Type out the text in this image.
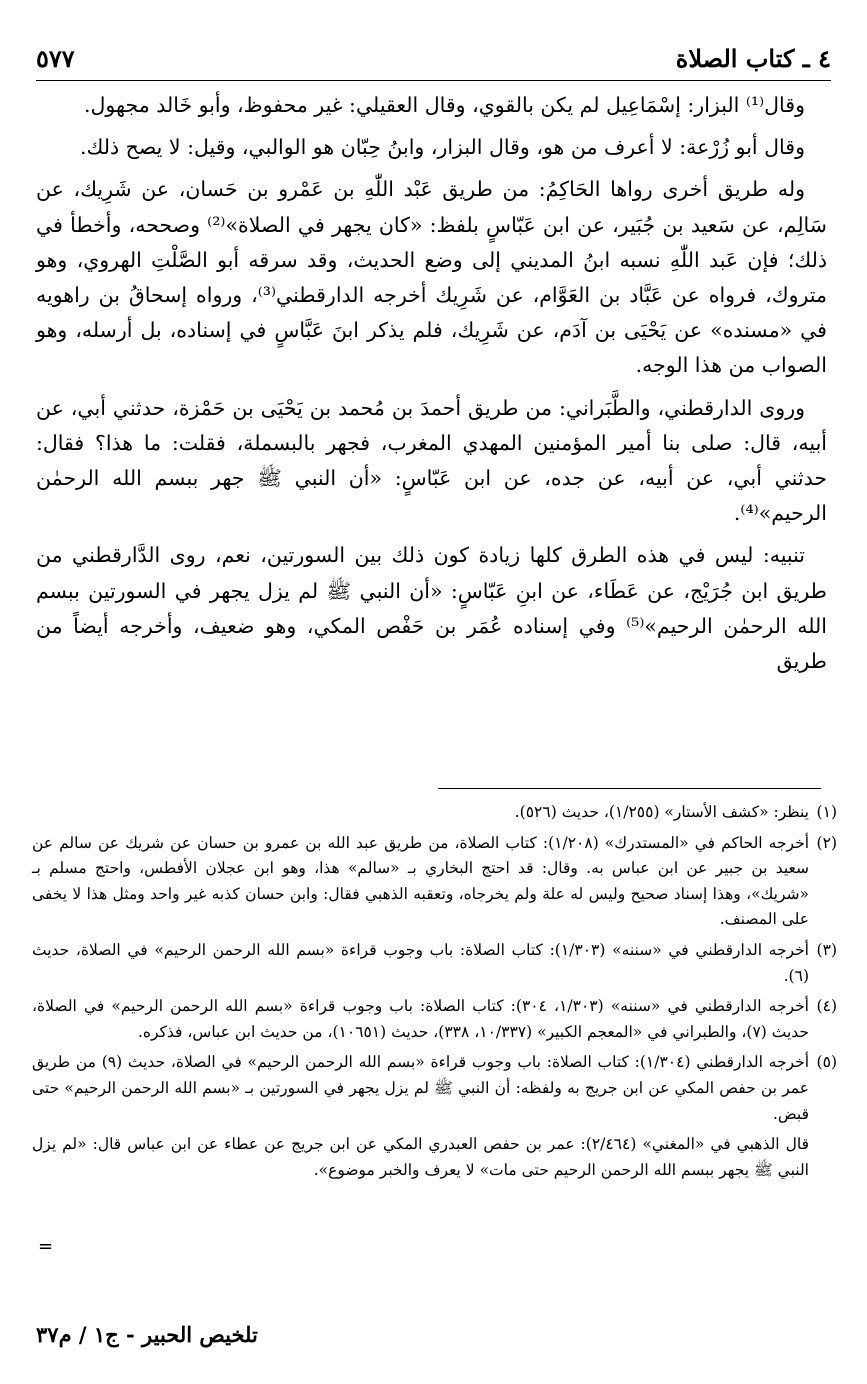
٤ ـ كتاب الصلاة
٥٧٧

وقال⁽¹⁾ البزار: إسْمَاعِيل لم يكن بالقوي، وقال العقيلي: غير محفوظ، وأبو خَالد مجهول.

وقال أبو زُرْعة: لا أعرف من هو، وقال البزار، وابنُ حِبّان هو الوالبي، وقيل: لا يصح ذلك.

وله طريق أخرى رواها الحَاكِمُ: من طريق عَبْد اللّٰهِ بن عَمْرو بن حَسان، عن شَرِيك، عن سَالِم، عن سَعيد بن جُبَير، عن ابن عَبّاسٍ بلفظ: «كان يجهر في الصلاة»⁽²⁾ وصححه، وأخطأ في ذلك؛ فإن عَبد اللّٰهِ نسبه ابنُ المديني إلى وضع الحديث، وقد سرقه أبو الصَّلْتِ الهروي، وهو متروك، فرواه عن عَبَّاد بن العَوَّام، عن شَرِيك أخرجه الدارقطني⁽³⁾، ورواه إسحاقُ بن راهويه في «مسنده» عن يَحْيَى بن آدَم، عن شَرِيك، فلم يذكر ابنَ عَبَّاسٍ في إسناده، بل أرسله، وهو الصواب من هذا الوجه.

وروى الدارقطني، والطَّبَراني: من طريق أحمدَ بن مُحمد بن يَحْيَى بن حَمْزة، حدثني أبي، عن أبيه، قال: صلى بنا أمير المؤمنين المهدي المغرب، فجهر بالبسملة، فقلت: ما هذا؟ فقال: حدثني أبي، عن أبيه، عن جده، عن ابن عَبّاسٍ: «أن النبي ﷺ جهر ببسم الله الرحمٰن الرحيم»⁽⁴⁾.

تنبيه: ليس في هذه الطرق كلها زيادة كون ذلك بين السورتين، نعم، روى الدَّارقطني من طريق ابن جُرَيْج، عن عَطَاء، عن ابنِ عَبّاسٍ: «أن النبي ﷺ لم يزل يجهر في السورتين ببسم الله الرحمٰن الرحيم»⁽⁵⁾ وفي إسناده عُمَر بن حَفْص المكي، وهو ضعيف، وأخرجه أيضاً من طريق

(١)
ينظر: «كشف الأستار» (١/٢٥٥)، حديث (٥٢٦).
(٢)
أخرجه الحاكم في «المستدرك» (١/٢٠٨): كتاب الصلاة، من طريق عبد الله بن عمرو بن حسان عن شريك عن سالم عن سعيد بن جبير عن ابن عباس به. وقال: قد احتج البخاري بـ «سالم» هذا، وهو ابن عجلان الأفطس، واحتج مسلم بـ «شريك»، وهذا إسناد صحيح وليس له علة ولم يخرجاه، وتعقبه الذهبي فقال: وابن حسان كذبه غير واحد ومثل هذا لا يخفى على المصنف.
(٣)
أخرجه الدارقطني في «سننه» (١/٣٠٣): كتاب الصلاة: باب وجوب قراءة «بسم الله الرحمن الرحيم» في الصلاة، حديث (٦).
(٤)
أخرجه الدارقطني في «سننه» (١/٣٠٣، ٣٠٤): كتاب الصلاة: باب وجوب قراءة «بسم الله الرحمن الرحيم» في الصلاة، حديث (٧)، والطبراني في «المعجم الكبير» (١٠/٣٣٧، ٣٣٨)، حديث (١٠٦٥١)، من حديث ابن عباس، فذكره.
(٥)
أخرجه الدارقطني (١/٣٠٤): كتاب الصلاة: باب وجوب قراءة «بسم الله الرحمن الرحيم» في الصلاة، حديث (٩) من طريق عمر بن حفص المكي عن ابن جريج به ولفظه: أن النبي ﷺ لم يزل يجهر في السورتين بـ «بسم الله الرحمن الرحيم» حتى قبض.
قال الذهبي في «المغني» (٢/٤٦٤): عمر بن حفص العبدري المكي عن ابن جريج عن عطاء عن ابن عباس قال: «لم يزل النبي ﷺ يجهر ببسم الله الرحمن الرحيم حتى مات» لا يعرف والخبر موضوع».
=
تلخيص الحبير - ج١ / م٣٧
